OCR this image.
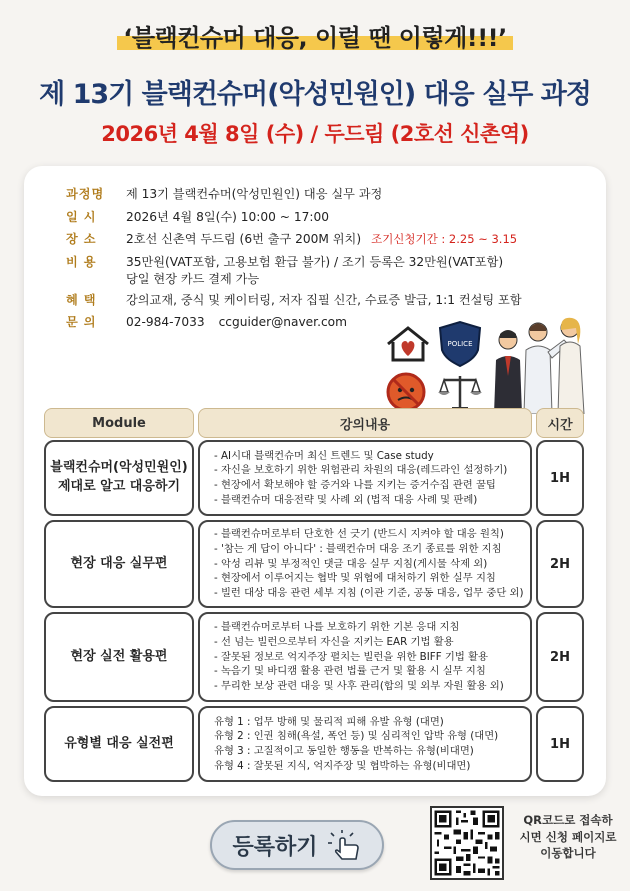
‘블랙컨슈머 대응, 이럴 땐 이렇게!!!’
제 13기 블랙컨슈머(악성민원인) 대응 실무 과정
2026년 4월 8일 (수) / 두드림 (2호선 신촌역)
과정명	제 13기 블랙컨슈머(악성민원인) 대응 실무 과정
일시	2026년 4월 8일(수) 10:00 ~ 17:00
장소	2호선 신촌역 두드림 (6번 출구 200M 위치) 조기신청기간 : 2.25 ~ 3.15
비용	35만원(VAT포함, 고용보험 환급 불가) / 조기 등록은 32만원(VAT포함)
당일 현장 카드 결제 가능
혜택	강의교재, 중식 및 케이터링, 저자 집필 신간, 수료증 발급, 1:1 컨설팅 포함
문의	02-984-7033 ccguider@naver.com
POLICE
Module	강의내용	시간
블랙컨슈머(악성민원인)
제대로 알고 대응하기
- AI시대 블랙컨슈머 최신 트렌드 및 Case study
- 자신을 보호하기 위한 위험관리 차원의 대응(레드라인 설정하기)
- 현장에서 확보해야 할 증거와 나를 지키는 증거수집 관련 꿀팁
- 블랙컨슈머 대응전략 및 사례 외 (법적 대응 사례 및 판례)
1H
현장 대응 실무편
- 블랙컨슈머로부터 단호한 선 긋기 (반드시 지켜야 할 대응 원칙)
- '참는 게 답이 아니다' : 블랙컨슈머 대응 조기 종료를 위한 지침
- 악성 리뷰 및 부정적인 댓글 대응 실무 지침(게시물 삭제 외)
- 현장에서 이루어지는 협박 및 위협에 대처하기 위한 실무 지침
- 빌런 대상 대응 관련 세부 지침 (이관 기준, 공동 대응, 업무 중단 외)
2H
현장 실전 활용편
- 블랙컨슈머로부터 나를 보호하기 위한 기본 응대 지침
- 선 넘는 빌런으로부터 자신을 지키는 EAR 기법 활용
- 잘못된 정보로 억지주장 펼치는 빌런을 위한 BIFF 기법 활용
- 녹음기 및 바디캠 활용 관련 법률 근거 및 활용 시 실무 지침
- 무리한 보상 관련 대응 및 사후 관리(합의 및 외부 자원 활용 외)
2H
유형별 대응 실전편
유형 1 : 업무 방해 및 물리적 피해 유발 유형 (대면)
유형 2 : 인권 침해(욕설, 폭언 등) 및 심리적인 압박 유형 (대면)
유형 3 : 고질적이고 동일한 행동을 반복하는 유형(비대면)
유형 4 : 잘못된 지식, 억지주장 및 협박하는 유형(비대면)
1H
등록하기
QR코드로 접속하시면 신청 페이지로 이동합니다
